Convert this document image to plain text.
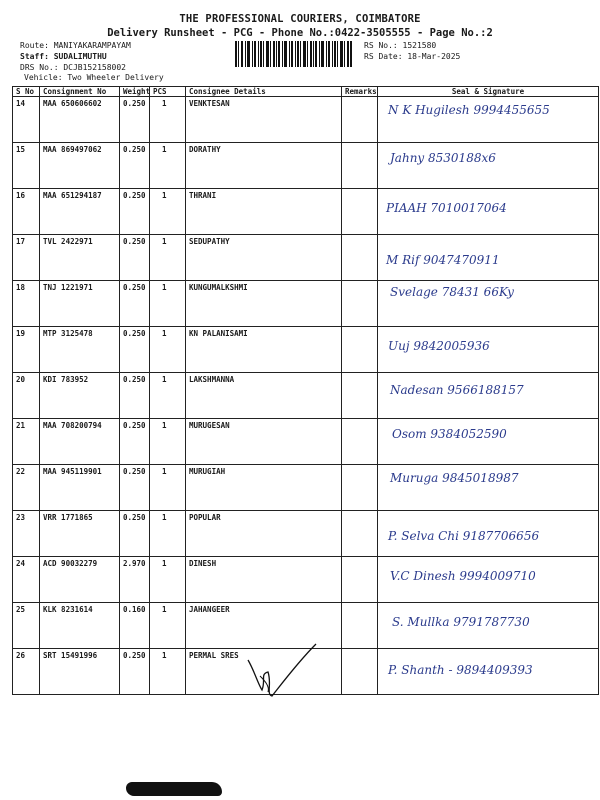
THE PROFESSIONAL COURIERS, COIMBATORE
Delivery Runsheet - PCG - Phone No.:0422-3505555 - Page No.:2
Route: MANIYAKARAMPAYAM
Staff: SUDALIMUTHU
DRS No.: DCJB152158002
Vehicle: Two Wheeler Delivery
RS No.: 1521580
RS Date: 18-Mar-2025
S No	Consignment No	Weight	PCS	Consignee Details	Remarks	Seal & Signature
14	MAA 650606602	0.250	1	VENKTESAN		N K Hugilesh 9994455655

15	MAA 869497062	0.250	1	DORATHY		Jahny 8530188x6

16	MAA 651294187	0.250	1	THRANI		PIAAH 7010017064

17	TVL 2422971	0.250	1	SEDUPATHY		M Rif 9047470911

18	TNJ 1221971	0.250	1	KUNGUMALKSHMI		Svelage 78431 66Ky

19	MTP 3125478	0.250	1	KN PALANISAMI		Uuj 9842005936

20	KDI 783952	0.250	1	LAKSHMANNA		Nadesan 9566188157

21	MAA 708200794	0.250	1	MURUGESAN		Osom 9384052590

22	MAA 945119901	0.250	1	MURUGIAH		Muruga 9845018987

23	VRR 1771865	0.250	1	POPULAR		P. Selva Chi 9187706656

24	ACD 90032279	2.970	1	DINESH		V.C Dinesh 9994009710

25	KLK 8231614	0.160	1	JAHANGEER		S. Mullka 9791787730

26	SRT 15491996	0.250	1	PERMAL SRES		P. Shanth - 9894409393
